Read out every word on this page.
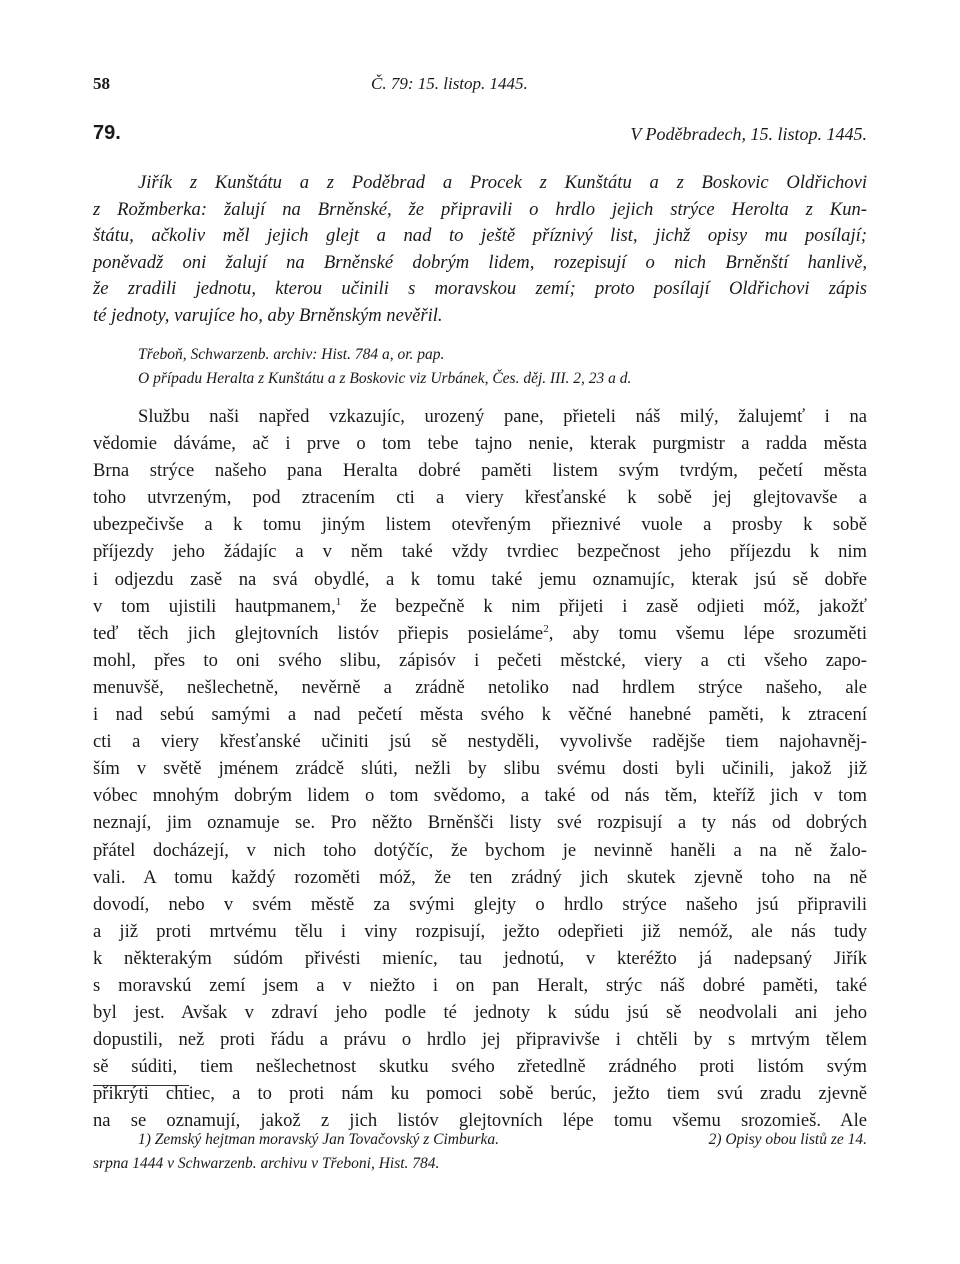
58	Č. 79: 15. listop. 1445.
79.	V Poděbradech, 15. listop. 1445.
Jiřík z Kunštátu a z Poděbrad a Procek z Kunštátu a z Boskovic Oldřichovi
z Rožmberka: žalují na Brněnské, že připravili o hrdlo jejich strýce Herolta z Kun-
štátu, ačkoliv měl jejich glejt a nad to ještě příznivý list, jichž opisy mu posílají;
poněvadž oni žalují na Brněnské dobrým lidem, rozepisují o nich Brněnští hanlivě,
že zradili jednotu, kterou učinili s moravskou zemí; proto posílají Oldřichovi zápis
té jednoty, varujíce ho, aby Brněnským nevěřil.
Třeboň, Schwarzenb. archiv: Hist. 784 a, or. pap.
O případu Heralta z Kunštátu a z Boskovic viz Urbánek, Čes. děj. III. 2, 23 a d.
Službu naši napřed vzkazujíc, urozený pane, přieteli náš milý, žalujemť i na
vědomie dáváme, ač i prve o tom tebe tajno nenie, kterak purgmistr a radda města
Brna strýce našeho pana Heralta dobré paměti listem svým tvrdým, pečetí města
toho utvrzeným, pod ztracením cti a viery křesťanské k sobě jej glejtovavše a
ubezpečivše a k tomu jiným listem otevřeným přieznivé vuole a prosby k sobě
příjezdy jeho žádajíc a v něm také vždy tvrdiec bezpečnost jeho příjezdu k nim
i odjezdu zasě na svá obydlé, a k tomu také jemu oznamujíc, kterak jsú sě dobře
v tom ujistili hautpmanem,$^1$ že bezpečně k nim přijeti i zasě odjieti móž, jakožť
teď těch jich glejtovních listóv přiepis posieláme$^2$, aby tomu všemu lépe srozuměti
mohl, přes to oni svého slibu, zápisóv i pečeti městcké, viery a cti všeho zapo-
menuvšě, nešlechetně, nevěrně a zrádně netoliko nad hrdlem strýce našeho, ale
i nad sebú samými a nad pečetí města svého k věčné hanebné paměti, k ztracení
cti a viery křesťanské učiniti jsú sě nestyděli, vyvolivše radějše tiem najohavněj-
ším v světě jménem zrádcě slúti, nežli by slibu svému dosti byli učinili, jakož již
vóbec mnohým dobrým lidem o tom svědomo, a také od nás těm, kteříž jich v tom
neznají, jim oznamuje se. Pro něžto Brněnšči listy své rozpisují a ty nás od dobrých
přátel docházejí, v nich toho dotýčíc, že bychom je nevinně haněli a na ně žalo-
vali. A tomu každý rozoměti móž, že ten zrádný jich skutek zjevně toho na ně
dovodí, nebo v svém městě za svými glejty o hrdlo strýce našeho jsú připravili
a již proti mrtvému tělu i viny rozpisují, ježto odepřieti již nemóž, ale nás tudy
k některakým súdóm přivésti mieníc, tau jednotú, v kteréžto já nadepsaný Jiřík
s moravskú zemí jsem a v niežto i on pan Heralt, strýc náš dobré paměti, také
byl jest. Avšak v zdraví jeho podle té jednoty k súdu jsú sě neodvolali ani jeho
dopustili, než proti řádu a právu o hrdlo jej připravivše i chtěli by s mrtvým tělem
sě súditi, tiem nešlechetnost skutku svého zřetedlně zrádného proti listóm svým
přikrýti chtiec, a to proti nám ku pomoci sobě berúc, ježto tiem svú zradu zjevně
na se oznamují, jakož z jich listóv glejtovních lépe tomu všemu srozomieš. Ale
1) Zemský hejtman moravský Jan Tovačovský z Cimburka.	2) Opisy obou listů ze 14.
srpna 1444 v Schwarzenb. archivu v Třeboni, Hist. 784.
